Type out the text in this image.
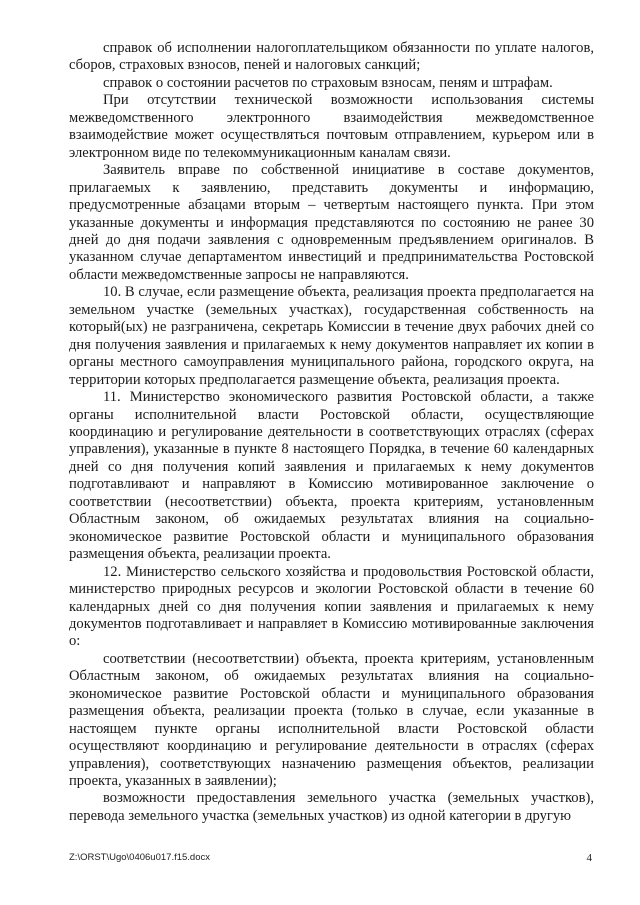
справок об исполнении налогоплательщиком обязанности по уплате налогов, сборов, страховых взносов, пеней и налоговых санкций;

справок о состоянии расчетов по страховым взносам, пеням и штрафам.

При отсутствии технической возможности использования системы межведомственного электронного взаимодействия межведомственное взаимодействие может осуществляться почтовым отправлением, курьером или в электронном виде по телекоммуникационным каналам связи.

Заявитель вправе по собственной инициативе в составе документов, прилагаемых к заявлению, представить документы и информацию, предусмотренные абзацами вторым – четвертым настоящего пункта. При этом указанные документы и информация представляются по состоянию не ранее 30 дней до дня подачи заявления с одновременным предъявлением оригиналов. В указанном случае департаментом инвестиций и предпринимательства Ростовской области межведомственные запросы не направляются.

10. В случае, если размещение объекта, реализация проекта предполагается на земельном участке (земельных участках), государственная собственность на который(ых) не разграничена, секретарь Комиссии в течение двух рабочих дней со дня получения заявления и прилагаемых к нему документов направляет их копии в органы местного самоуправления муниципального района, городского округа, на территории которых предполагается размещение объекта, реализация проекта.

11. Министерство экономического развития Ростовской области, а также органы исполнительной власти Ростовской области, осуществляющие координацию и регулирование деятельности в соответствующих отраслях (сферах управления), указанные в пункте 8 настоящего Порядка, в течение 60 календарных дней со дня получения копий заявления и прилагаемых к нему документов подготавливают и направляют в Комиссию мотивированное заключение о соответствии (несоответствии) объекта, проекта критериям, установленным Областным законом, об ожидаемых результатах влияния на социально-экономическое развитие Ростовской области и муниципального образования размещения объекта, реализации проекта.

12. Министерство сельского хозяйства и продовольствия Ростовской области, министерство природных ресурсов и экологии Ростовской области в течение 60 календарных дней со дня получения копии заявления и прилагаемых к нему документов подготавливает и направляет в Комиссию мотивированные заключения о:

соответствии (несоответствии) объекта, проекта критериям, установленным Областным законом, об ожидаемых результатах влияния на социально-экономическое развитие Ростовской области и муниципального образования размещения объекта, реализации проекта (только в случае, если указанные в настоящем пункте органы исполнительной власти Ростовской области осуществляют координацию и регулирование деятельности в отраслях (сферах управления), соответствующих назначению размещения объектов, реализации проекта, указанных в заявлении);

возможности предоставления земельного участка (земельных участков), перевода земельного участка (земельных участков) из одной категории в другую

Z:\ORST\Ugo\0406u017.f15.docx	4
